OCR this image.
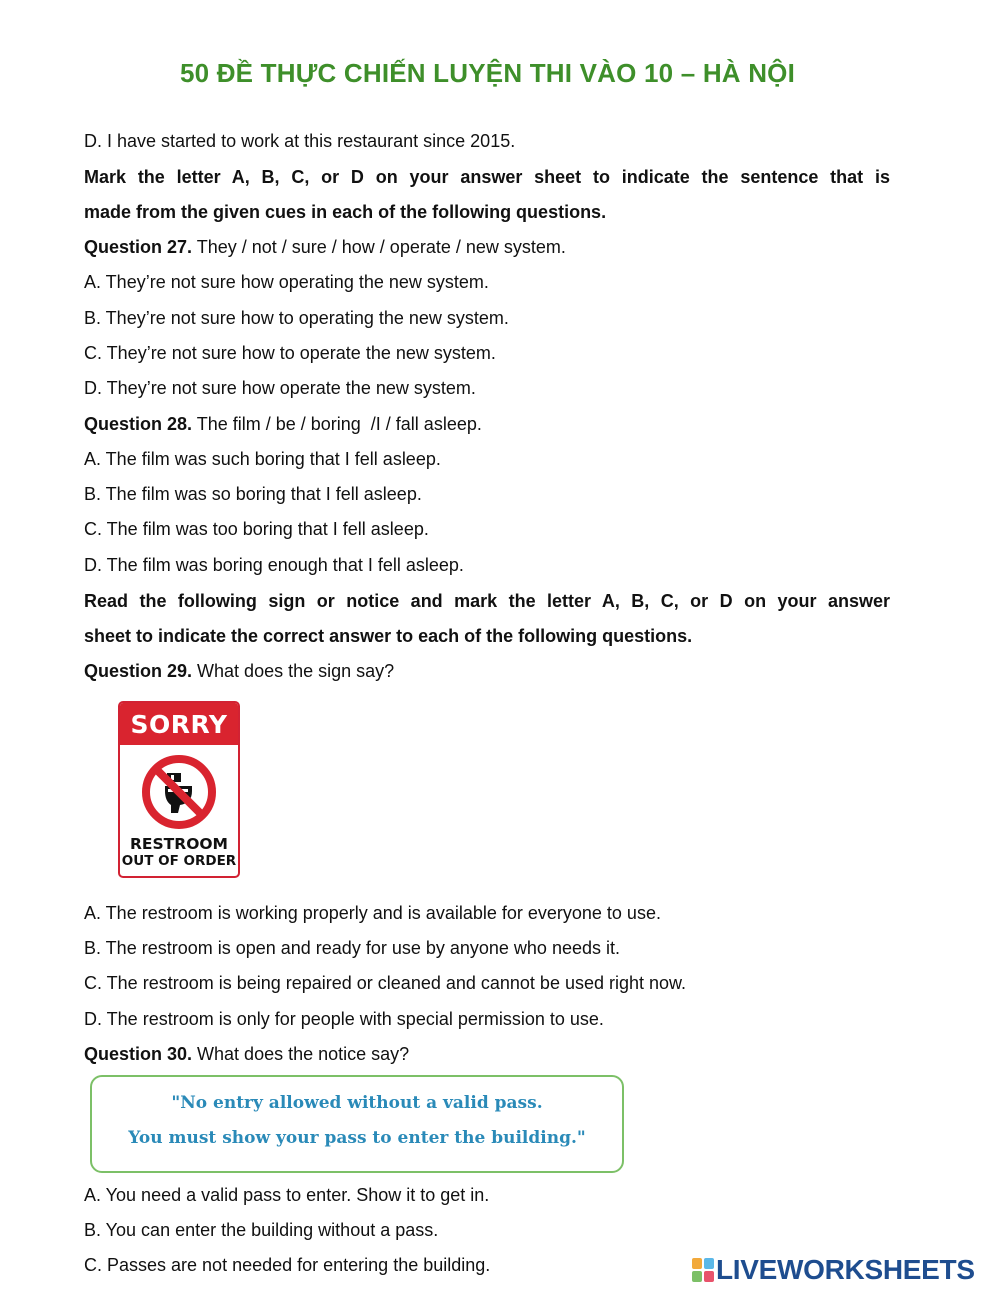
50 ĐỀ THỰC CHIẾN LUYỆN THI VÀO 10 – HÀ NỘI
D. I have started to work at this restaurant since 2015.
Mark the letter A, B, C, or D on your answer sheet to indicate the sentence that is
made from the given cues in each of the following questions.
Question 27. They / not / sure / how / operate / new system.
A. They’re not sure how operating the new system.
B. They’re not sure how to operating the new system.
C. They’re not sure how to operate the new system.
D. They’re not sure how operate the new system.
Question 28. The film / be / boring  /I / fall asleep.
A. The film was such boring that I fell asleep.
B. The film was so boring that I fell asleep.
C. The film was too boring that I fell asleep.
D. The film was boring enough that I fell asleep.
Read the following sign or notice and mark the letter A, B, C, or D on your answer
sheet to indicate the correct answer to each of the following questions.
Question 29. What does the sign say?
SORRY
RESTROOM
OUT OF ORDER
A. The restroom is working properly and is available for everyone to use.
B. The restroom is open and ready for use by anyone who needs it.
C. The restroom is being repaired or cleaned and cannot be used right now.
D. The restroom is only for people with special permission to use.
Question 30. What does the notice say?
"No entry allowed without a valid pass.
You must show your pass to enter the building."
A. You need a valid pass to enter. Show it to get in.
B. You can enter the building without a pass.
C. Passes are not needed for entering the building.	LIVEWORKSHEETS
